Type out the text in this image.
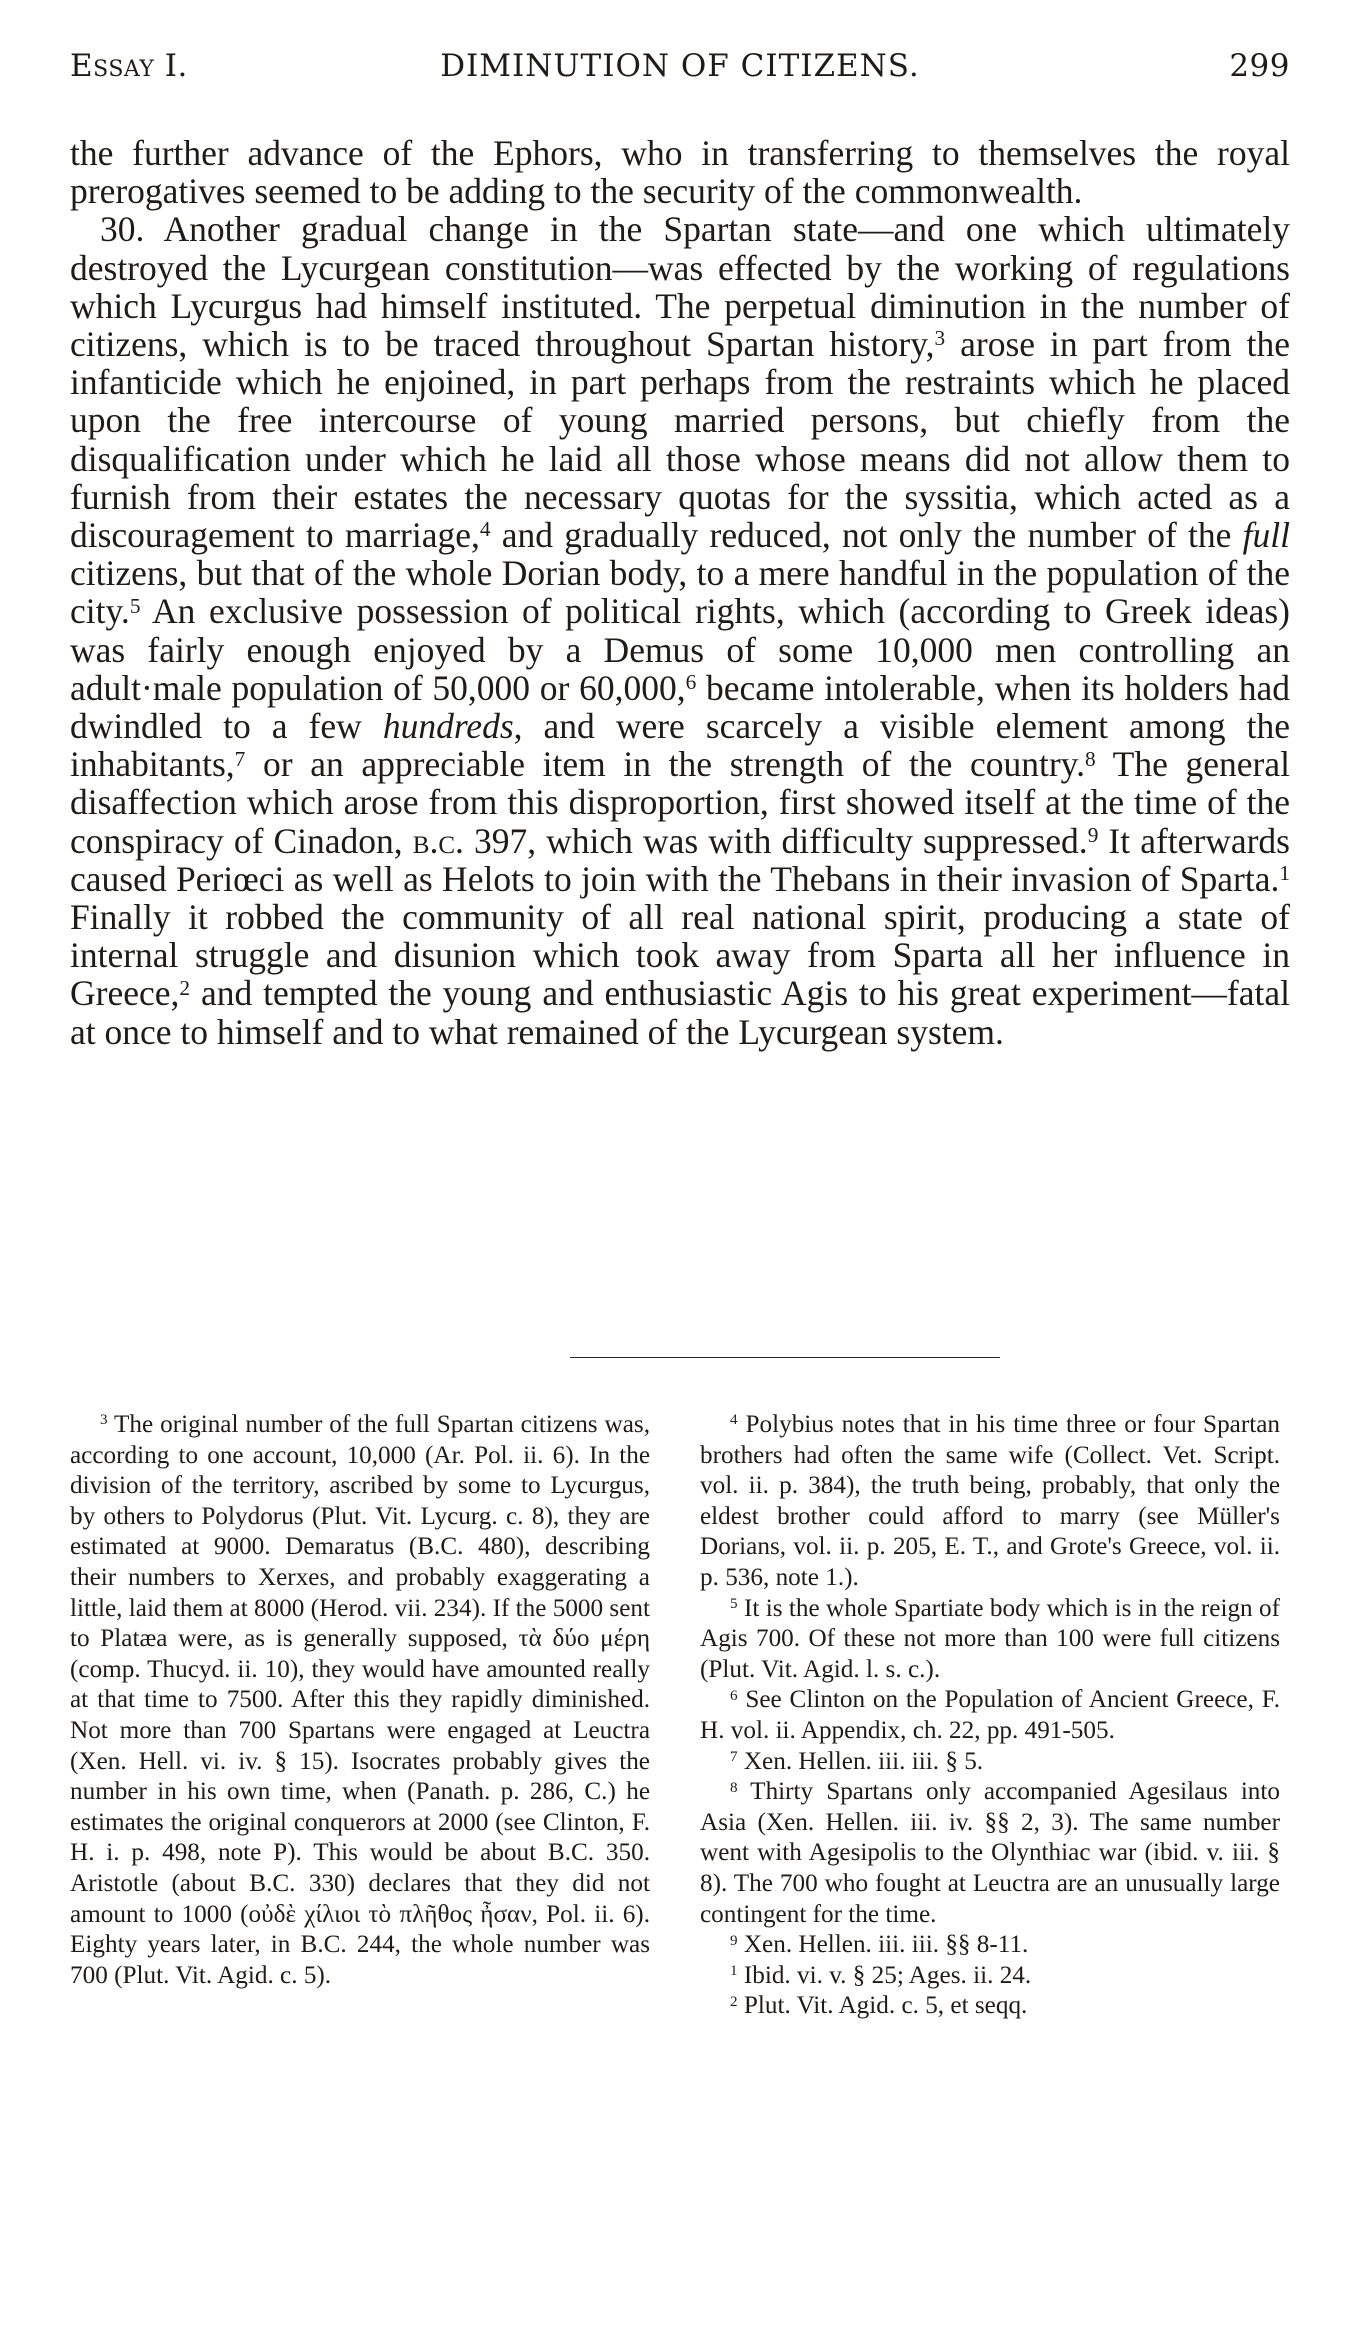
Essay I.	DIMINUTION OF CITIZENS.	299

the further advance of the Ephors, who in transferring to themselves the royal prerogatives seemed to be adding to the security of the commonwealth.

30. Another gradual change in the Spartan state—and one which ultimately destroyed the Lycurgean constitution—was effected by the working of regulations which Lycurgus had himself instituted. The perpetual diminution in the number of citizens, which is to be traced throughout Spartan history,$^3$ arose in part from the infanticide which he enjoined, in part perhaps from the restraints which he placed upon the free intercourse of young married persons, but chiefly from the disqualification under which he laid all those whose means did not allow them to furnish from their estates the necessary quotas for the syssitia, which acted as a discouragement to marriage,$^4$ and gradually reduced, not only the number of the full citizens, but that of the whole Dorian body, to a mere handful in the population of the city.$^5$ An exclusive possession of political rights, which (according to Greek ideas) was fairly enough enjoyed by a Demus of some 10,000 men controlling an adult·male population of 50,000 or 60,000,$^6$ became intolerable, when its holders had dwindled to a few hundreds, and were scarcely a visible element among the inhabitants,$^7$ or an appreciable item in the strength of the country.$^8$ The general disaffection which arose from this disproportion, first showed itself at the time of the conspiracy of Cinadon, b.c. 397, which was with difficulty suppressed.$^9$ It afterwards caused Periœci as well as Helots to join with the Thebans in their invasion of Sparta.$^1$ Finally it robbed the community of all real national spirit, producing a state of internal struggle and disunion which took away from Sparta all her influence in Greece,$^2$ and tempted the young and enthusiastic Agis to his great experiment—fatal at once to himself and to what remained of the Lycurgean system.

$^3$ The original number of the full Spartan citizens was, according to one account, 10,000 (Ar. Pol. ii. 6). In the division of the territory, ascribed by some to Lycurgus, by others to Polydorus (Plut. Vit. Lycurg. c. 8), they are estimated at 9000. Demaratus (B.C. 480), describing their numbers to Xerxes, and probably exaggerating a little, laid them at 8000 (Herod. vii. 234). If the 5000 sent to Platæa were, as is generally supposed, τὰ δύο μέρη (comp. Thucyd. ii. 10), they would have amounted really at that time to 7500. After this they rapidly diminished. Not more than 700 Spartans were engaged at Leuctra (Xen. Hell. vi. iv. § 15). Isocrates probably gives the number in his own time, when (Panath. p. 286, C.) he estimates the original conquerors at 2000 (see Clinton, F. H. i. p. 498, note P). This would be about B.C. 350. Aristotle (about B.C. 330) declares that they did not amount to 1000 (οὐδὲ χίλιοι τὸ πλῆθος ἦσαν, Pol. ii. 6). Eighty years later, in B.C. 244, the whole number was 700 (Plut. Vit. Agid. c. 5).

$^4$ Polybius notes that in his time three or four Spartan brothers had often the same wife (Collect. Vet. Script. vol. ii. p. 384), the truth being, probably, that only the eldest brother could afford to marry (see Müller's Dorians, vol. ii. p. 205, E. T., and Grote's Greece, vol. ii. p. 536, note 1.).

$^5$ It is the whole Spartiate body which is in the reign of Agis 700. Of these not more than 100 were full citizens (Plut. Vit. Agid. l. s. c.).

$^6$ See Clinton on the Population of Ancient Greece, F. H. vol. ii. Appendix, ch. 22, pp. 491-505.

$^7$ Xen. Hellen. iii. iii. § 5.

$^8$ Thirty Spartans only accompanied Agesilaus into Asia (Xen. Hellen. iii. iv. §§ 2, 3). The same number went with Agesipolis to the Olynthiac war (ibid. v. iii. § 8). The 700 who fought at Leuctra are an unusually large contingent for the time.

$^9$ Xen. Hellen. iii. iii. §§ 8-11.

$^1$ Ibid. vi. v. § 25; Ages. ii. 24.

$^2$ Plut. Vit. Agid. c. 5, et seqq.
